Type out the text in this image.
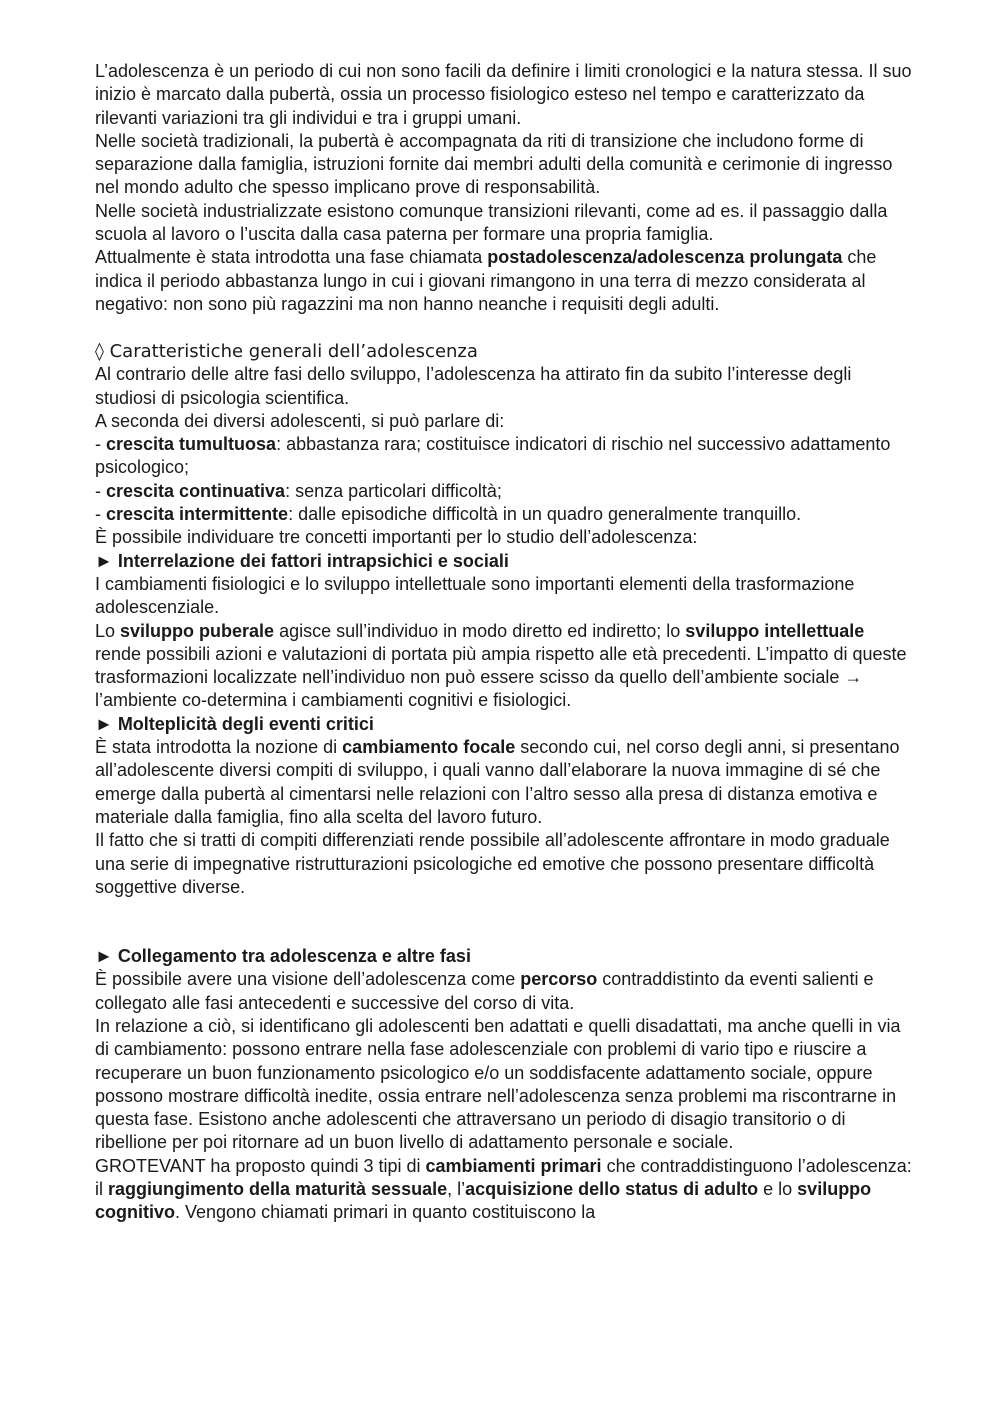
L’adolescenza è un periodo di cui non sono facili da definire i limiti cronologici e la natura stessa. Il suo inizio è marcato dalla pubertà, ossia un processo fisiologico esteso nel tempo e caratterizzato da rilevanti variazioni tra gli individui e tra i gruppi umani.

Nelle società tradizionali, la pubertà è accompagnata da riti di transizione che includono forme di separazione dalla famiglia, istruzioni fornite dai membri adulti della comunità e cerimonie di ingresso nel mondo adulto che spesso implicano prove di responsabilità.

Nelle società industrializzate esistono comunque transizioni rilevanti, come ad es. il passaggio dalla scuola al lavoro o l’uscita dalla casa paterna per formare una propria famiglia.

Attualmente è stata introdotta una fase chiamata postadolescenza/adolescenza prolungata che indica il periodo abbastanza lungo in cui i giovani rimangono in una terra di mezzo considerata al negativo: non sono più ragazzini ma non hanno neanche i requisiti degli adulti.

◊ Caratteristiche generali dell’adolescenza

Al contrario delle altre fasi dello sviluppo, l’adolescenza ha attirato fin da subito l’interesse degli studiosi di psicologia scientifica.

A seconda dei diversi adolescenti, si può parlare di:

- crescita tumultuosa: abbastanza rara; costituisce indicatori di rischio nel successivo adattamento psicologico;

- crescita continuativa: senza particolari difficoltà;

- crescita intermittente: dalle episodiche difficoltà in un quadro generalmente tranquillo.

È possibile individuare tre concetti importanti per lo studio dell’adolescenza:

► Interrelazione dei fattori intrapsichici e sociali

I cambiamenti fisiologici e lo sviluppo intellettuale sono importanti elementi della trasformazione adolescenziale.

Lo sviluppo puberale agisce sull’individuo in modo diretto ed indiretto; lo sviluppo intellettuale rende possibili azioni e valutazioni di portata più ampia rispetto alle età precedenti. L’impatto di queste trasformazioni localizzate nell’individuo non può essere scisso da quello dell’ambiente sociale → l’ambiente co-determina i cambiamenti cognitivi e fisiologici.

► Molteplicità degli eventi critici

È stata introdotta la nozione di cambiamento focale secondo cui, nel corso degli anni, si presentano all’adolescente diversi compiti di sviluppo, i quali vanno dall’elaborare la nuova immagine di sé che emerge dalla pubertà al cimentarsi nelle relazioni con l’altro sesso alla presa di distanza emotiva e materiale dalla famiglia, fino alla scelta del lavoro futuro.

Il fatto che si tratti di compiti differenziati rende possibile all’adolescente affrontare in modo graduale una serie di impegnative ristrutturazioni psicologiche ed emotive che possono presentare difficoltà soggettive diverse.

► Collegamento tra adolescenza e altre fasi

È possibile avere una visione dell’adolescenza come percorso contraddistinto da eventi salienti e collegato alle fasi antecedenti e successive del corso di vita.

In relazione a ciò, si identificano gli adolescenti ben adattati e quelli disadattati, ma anche quelli in via di cambiamento: possono entrare nella fase adolescenziale con problemi di vario tipo e riuscire a recuperare un buon funzionamento psicologico e/o un soddisfacente adattamento sociale, oppure possono mostrare difficoltà inedite, ossia entrare nell’adolescenza senza problemi ma riscontrarne in questa fase. Esistono anche adolescenti che attraversano un periodo di disagio transitorio o di ribellione per poi ritornare ad un buon livello di adattamento personale e sociale.

GROTEVANT ha proposto quindi 3 tipi di cambiamenti primari che contraddistinguono l’adolescenza: il raggiungimento della maturità sessuale, l’acquisizione dello status di adulto e lo sviluppo cognitivo. Vengono chiamati primari in quanto costituiscono la
